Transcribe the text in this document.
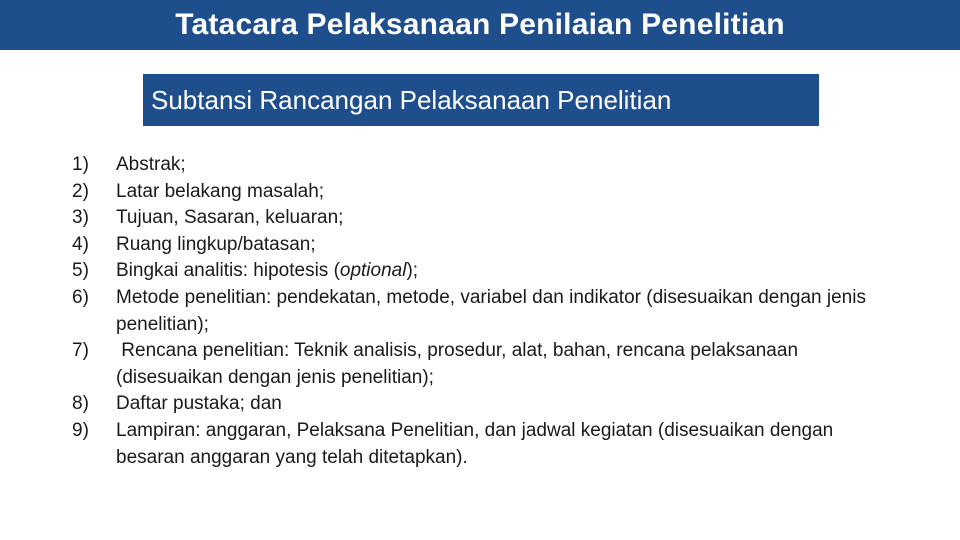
Tatacara Pelaksanaan Penilaian Penelitian
Subtansi Rancangan Pelaksanaan Penelitian
1)	Abstrak;
2)	Latar belakang masalah;
3)	Tujuan, Sasaran, keluaran;
4)	Ruang lingkup/batasan;
5)	Bingkai analitis: hipotesis (optional);
6)	Metode penelitian: pendekatan, metode, variabel dan indikator (disesuaikan dengan jenis penelitian);
7)	Rencana penelitian: Teknik analisis, prosedur, alat, bahan, rencana pelaksanaan (disesuaikan dengan jenis penelitian);
8)	Daftar pustaka; dan
9)	Lampiran: anggaran, Pelaksana Penelitian, dan jadwal kegiatan (disesuaikan dengan besaran anggaran yang telah ditetapkan).
